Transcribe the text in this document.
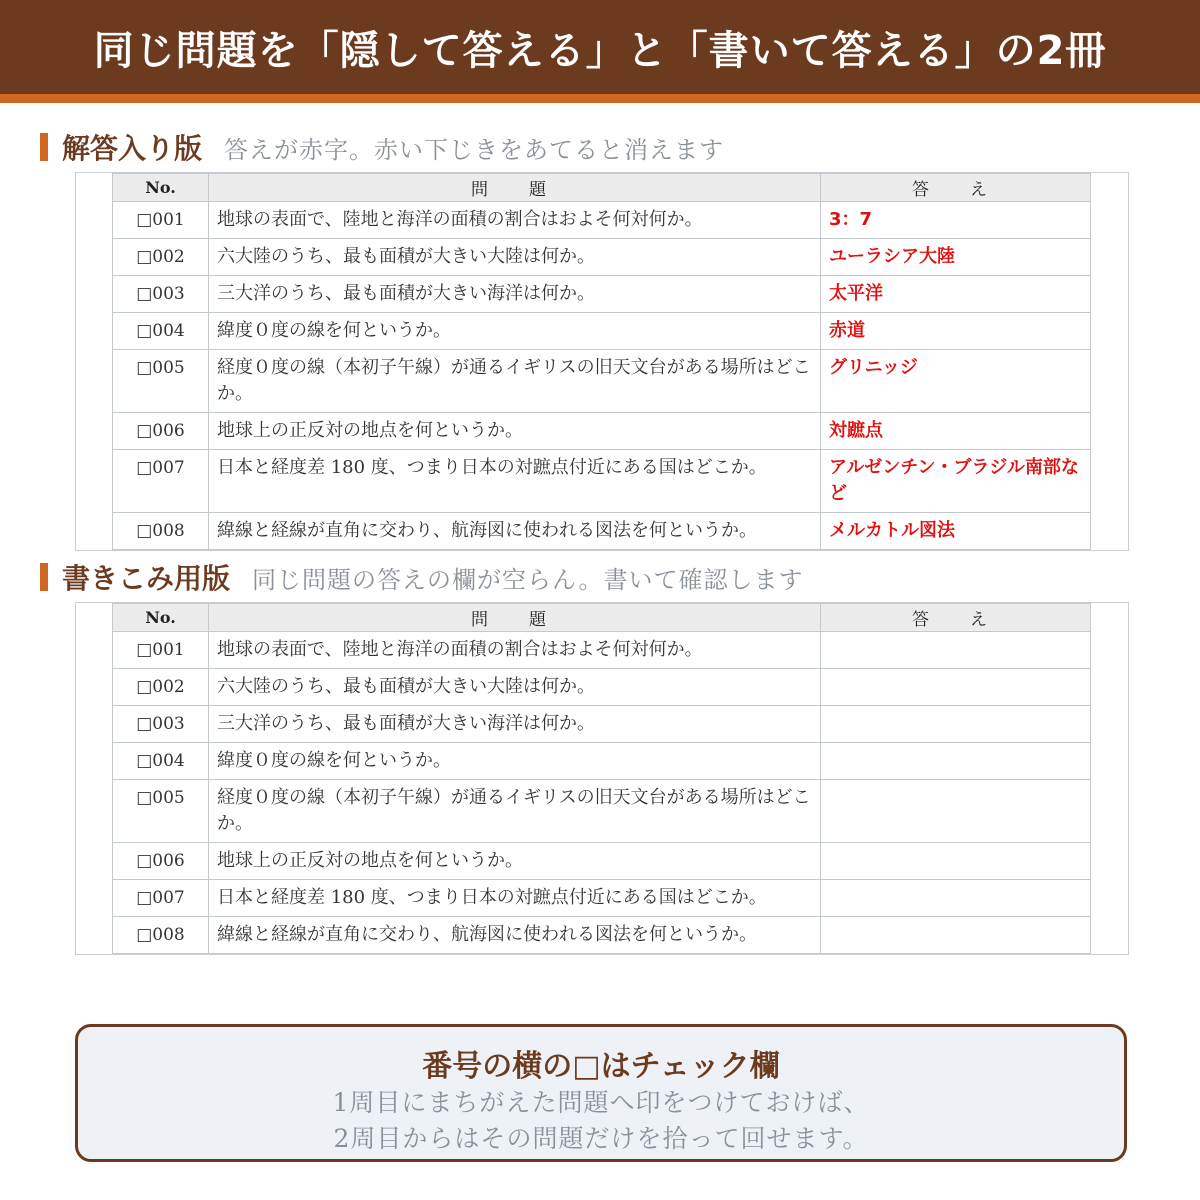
同じ問題を「隠して答える」と「書いて答える」の2冊
解答入り版 答えが赤字。赤い下じきをあてると消えます
No.	問　題	答　え
□001	地球の表面で、陸地と海洋の面積の割合はおよそ何対何か。	3：7
□002	六大陸のうち、最も面積が大きい大陸は何か。	ユーラシア大陸
□003	三大洋のうち、最も面積が大きい海洋は何か。	太平洋
□004	緯度０度の線を何というか。	赤道
□005	経度０度の線（本初子午線）が通るイギリスの旧天文台がある場所はどこか。	グリニッジ
□006	地球上の正反対の地点を何というか。	対蹠点
□007	日本と経度差 180 度、つまり日本の対蹠点付近にある国はどこか。	アルゼンチン・ブラジル南部など
□008	緯線と経線が直角に交わり、航海図に使われる図法を何というか。	メルカトル図法
書きこみ用版 同じ問題の答えの欄が空らん。書いて確認します
No.	問　題	答　え
□001	地球の表面で、陸地と海洋の面積の割合はおよそ何対何か。	
□002	六大陸のうち、最も面積が大きい大陸は何か。	
□003	三大洋のうち、最も面積が大きい海洋は何か。	
□004	緯度０度の線を何というか。	
□005	経度０度の線（本初子午線）が通るイギリスの旧天文台がある場所はどこか。	
□006	地球上の正反対の地点を何というか。	
□007	日本と経度差 180 度、つまり日本の対蹠点付近にある国はどこか。	
□008	緯線と経線が直角に交わり、航海図に使われる図法を何というか。	
番号の横の□はチェック欄
1周目にまちがえた問題へ印をつけておけば、
2周目からはその問題だけを拾って回せます。
